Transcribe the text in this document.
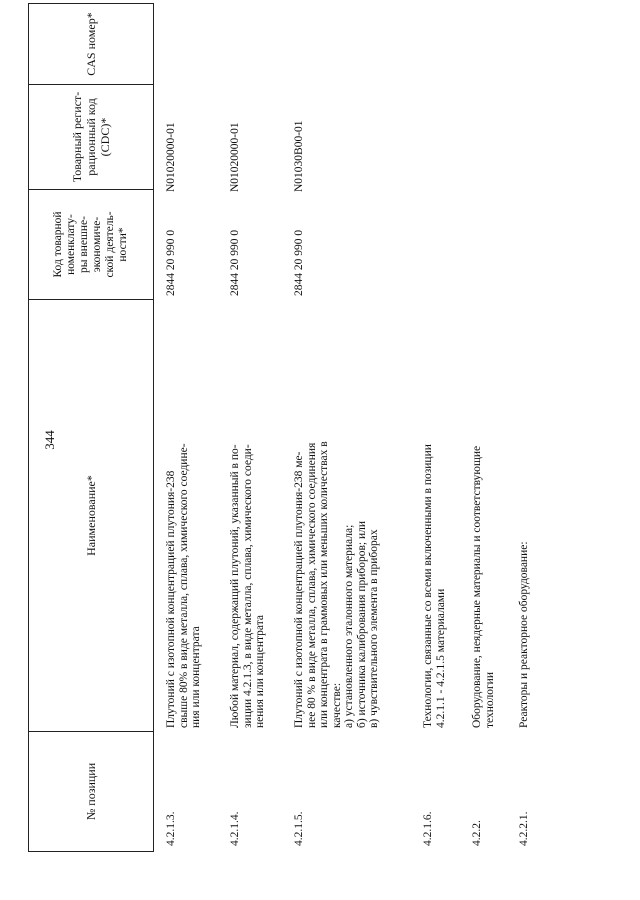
344
№ позиции
Наименование*
Код товарной
номенклату-
ры внешне-
экономиче-
ской деятель-
ности*
Товарный регист-
рационный код
(CDC)*
CAS номер*
4.2.1.3.
Плутоний с изотопной концентрацией плутония-238 свыше 80% в виде металла, сплава, химического соедине- ния или концентрата
2844 20 990 0
N01020000-01
4.2.1.4.
Любой материал, содержащий плутоний, указанный в по- зиции 4.2.1.3, в виде металла, сплава, химического соеди- нения или концентрата
2844 20 990 0
N01020000-01
4.2.1.5.
Плутоний с изотопной концентрацией плутония-238 ме- нее 80 % в виде металла, сплава, химического соединения или концентрата в граммовых или меньших количествах в качестве: а) установленного эталонного материала; б) источника калибрования приборов; или в) чувствительного элемента в приборах
2844 20 990 0
N01030B00-01
4.2.1.6.
Технологии, связанные со всеми включенными в позиции 4.2.1.1 - 4.2.1.5 материалами
4.2.2.
Оборудование, неядерные материалы и соответствующие технологии
4.2.2.1.
Реакторы и реакторное оборудование:
